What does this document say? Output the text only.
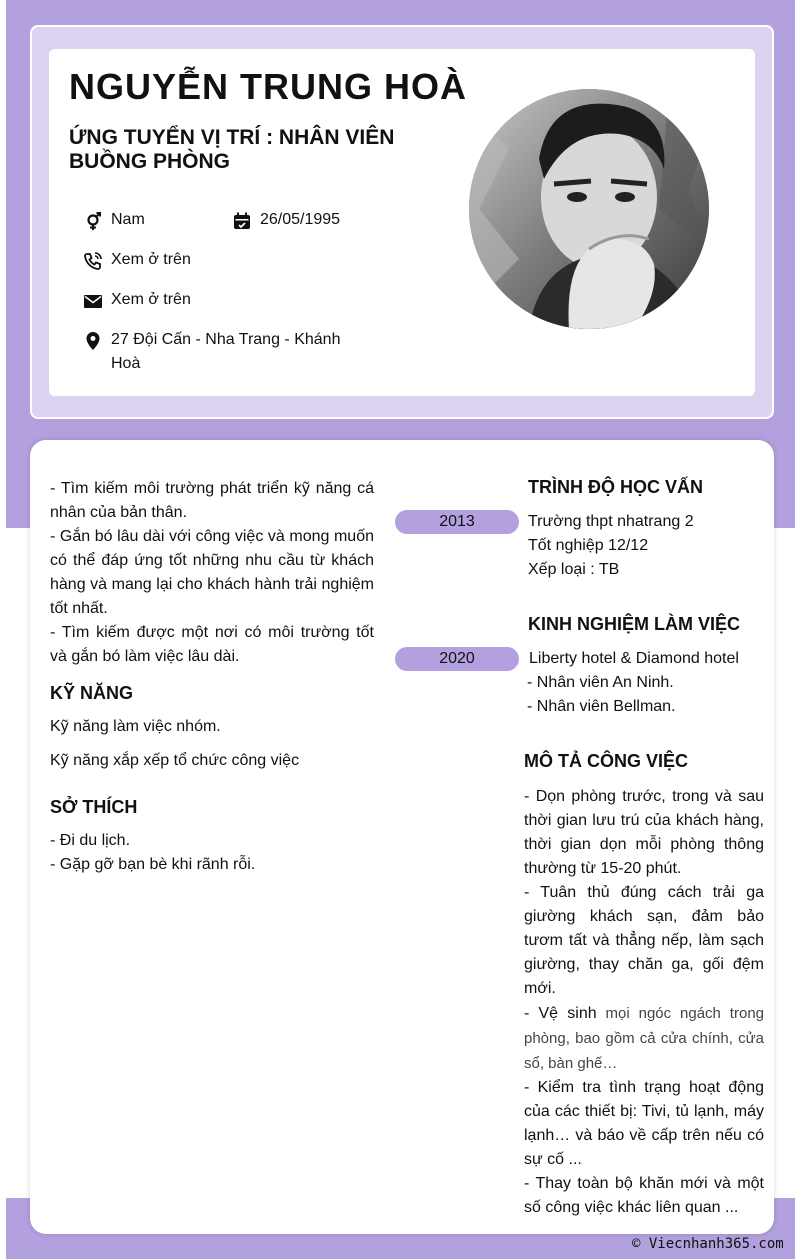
NGUYỄN TRUNG HOÀ
ỨNG TUYỂN VỊ TRÍ : NHÂN VIÊN BUỒNG PHÒNG
Nam	26/05/1995
Xem ở trên
Xem ở trên
27 Đội Cấn - Nha Trang - Khánh Hoà

- Tìm kiếm môi trường phát triển kỹ năng cá nhân của bản thân.

- Gắn bó lâu dài với công việc và mong muốn có thể đáp ứng tốt những nhu cầu từ khách hàng và mang lại cho khách hành trải nghiệm tốt nhất.

- Tìm kiếm được một nơi có môi trường tốt và gắn bó làm việc lâu dài.

KỸ NĂNG

Kỹ năng làm việc nhóm.

Kỹ năng xắp xếp tổ chức công việc

SỞ THÍCH

- Đi du lịch.

- Gặp gỡ bạn bè khi rãnh rỗi.

TRÌNH ĐỘ HỌC VẤN
2013	Trường thpt nhatrang 2

Tốt nghiệp 12/12

Xếp loại : TB

KINH NGHIỆM LÀM VIỆC
2020	Liberty hotel & Diamond hotel

- Nhân viên An Ninh.

- Nhân viên Bellman.

MÔ TẢ CÔNG VIỆC

- Dọn phòng trước, trong và sau thời gian lưu trú của khách hàng, thời gian dọn mỗi phòng thông thường từ 15-20 phút.

- Tuân thủ đúng cách trải ga giường khách sạn, đảm bảo tươm tất và thẳng nếp, làm sạch giường, thay chăn ga, gối đệm mới.

- Vệ sinh mọi ngóc ngách trong phòng, bao gồm cả cửa chính, cửa sổ, bàn ghế…

- Kiểm tra tình trạng hoạt động của các thiết bị: Tivi, tủ lạnh, máy lạnh… và báo về cấp trên nếu có sự cố ...

- Thay toàn bộ khăn mới và một số công việc khác liên quan ...

© Viecnhanh365.com
